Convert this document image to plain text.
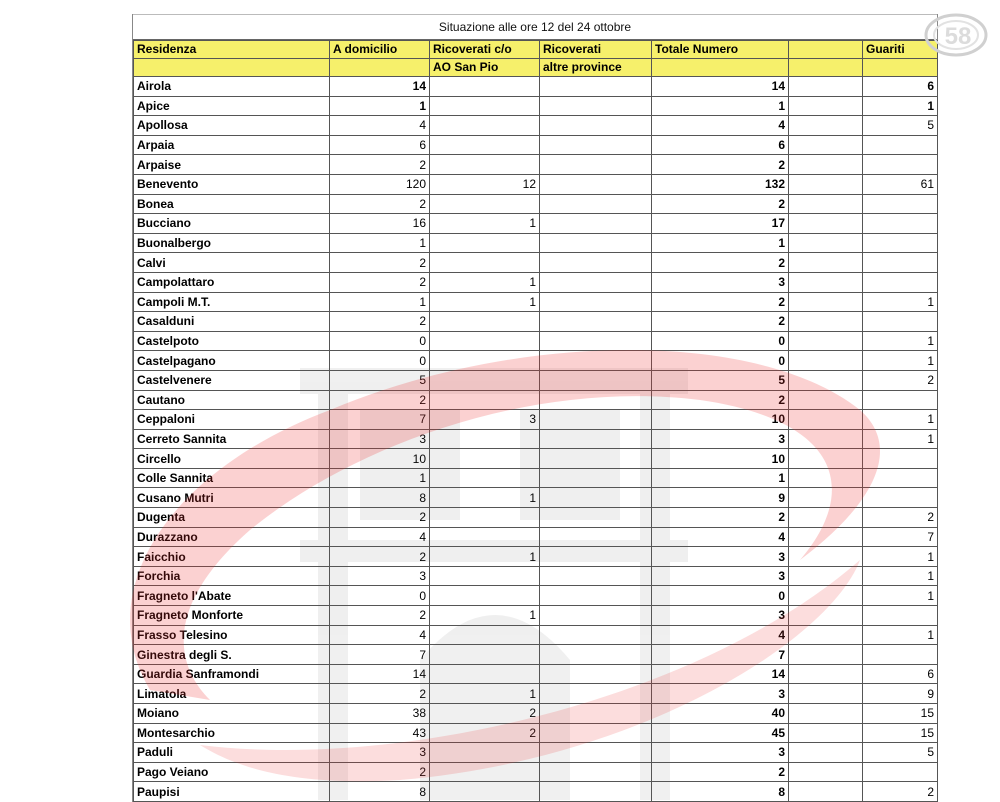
Situazione alle ore 12 del 24 ottobre
Residenza	A domicilio	Ricoverati c/o	Ricoverati	Totale Numero		Guariti
		AO San Pio	altre province			
Airola	14			14		6
Apice	1			1		1
Apollosa	4			4		5
Arpaia	6			6		
Arpaise	2			2		
Benevento	120	12		132		61
Bonea	2			2		
Bucciano	16	1		17		
Buonalbergo	1			1		
Calvi	2			2		
Campolattaro	2	1		3		
Campoli M.T.	1	1		2		1
Casalduni	2			2		
Castelpoto	0			0		1
Castelpagano	0			0		1
Castelvenere	5			5		2
Cautano	2			2		
Ceppaloni	7	3		10		1
Cerreto Sannita	3			3		1
Circello	10			10		
Colle Sannita	1			1		
Cusano Mutri	8	1		9		
Dugenta	2			2		2
Durazzano	4			4		7
Faicchio	2	1		3		1
Forchia	3			3		1
Fragneto l'Abate	0			0		1
Fragneto Monforte	2	1		3		
Frasso Telesino	4			4		1
Ginestra degli S.	7			7		
Guardia Sanframondi	14			14		6
Limatola	2	1		3		9
Moiano	38	2		40		15
Montesarchio	43	2		45		15
Paduli	3			3		5
Pago Veiano	2			2		
Paupisi	8			8		2
58
